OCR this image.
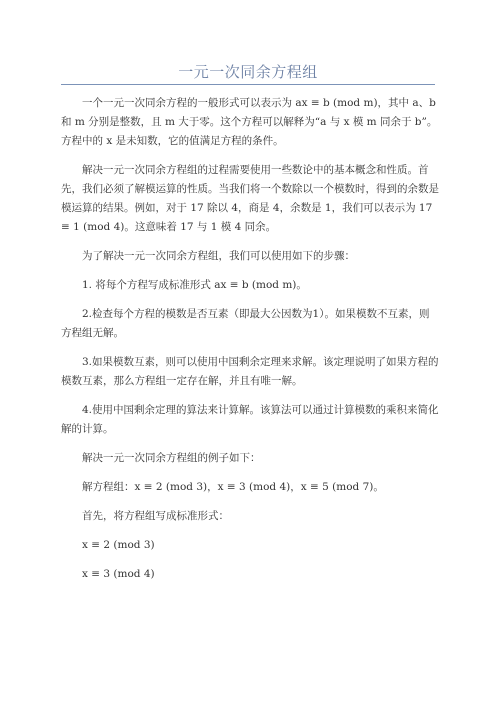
一元一次同余方程组

一个一元一次同余方程的一般形式可以表示为 ax ≡ b (mod m)，其中 a、b 和 m 分别是整数，且 m 大于零。这个方程可以解释为“a 与 x 模 m 同余于 b”。方程中的 x 是未知数，它的值满足方程的条件。

解决一元一次同余方程组的过程需要使用一些数论中的基本概念和性质。首先，我们必须了解模运算的性质。当我们将一个数除以一个模数时，得到的余数是模运算的结果。例如，对于 17 除以 4，商是 4，余数是 1，我们可以表示为 17 ≡ 1 (mod 4)。这意味着 17 与 1 模 4 同余。

为了解决一元一次同余方程组，我们可以使用如下的步骤：

1. 将每个方程写成标准形式 ax ≡ b (mod m)。

2.检查每个方程的模数是否互素（即最大公因数为1）。如果模数不互素，则方程组无解。

3.如果模数互素，则可以使用中国剩余定理来求解。该定理说明了如果方程的模数互素，那么方程组一定存在解，并且有唯一解。

4.使用中国剩余定理的算法来计算解。该算法可以通过计算模数的乘积来简化解的计算。

解决一元一次同余方程组的例子如下：

解方程组：x ≡ 2 (mod 3)，x ≡ 3 (mod 4)，x ≡ 5 (mod 7)。

首先，将方程组写成标准形式：

x ≡ 2 (mod 3)

x ≡ 3 (mod 4)
